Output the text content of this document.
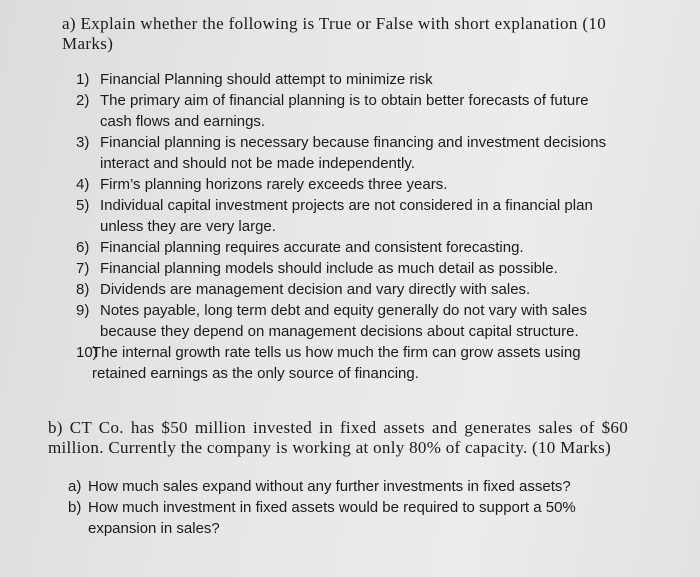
a) Explain whether the following is True or False with short explanation (10 Marks)

1) Financial Planning should attempt to minimize risk
2) The primary aim of financial planning is to obtain better forecasts of future cash flows and earnings.
3) Financial planning is necessary because financing and investment decisions interact and should not be made independently.
4) Firm’s planning horizons rarely exceeds three years.
5) Individual capital investment projects are not considered in a financial plan unless they are very large.
6) Financial planning requires accurate and consistent forecasting.
7) Financial planning models should include as much detail as possible.
8) Dividends are management decision and vary directly with sales.
9) Notes payable, long term debt and equity generally do not vary with sales because they depend on management decisions about capital structure.
10)
The internal growth rate tells us how much the firm can grow assets using retained earnings as the only source of financing.

b) CT Co. has $50 million invested in fixed assets and generates sales of $60 million. Currently the company is working at only 80% of capacity. (10 Marks)

a) How much sales expand without any further investments in fixed assets?
b) How much investment in fixed assets would be required to support a 50% expansion in sales?
